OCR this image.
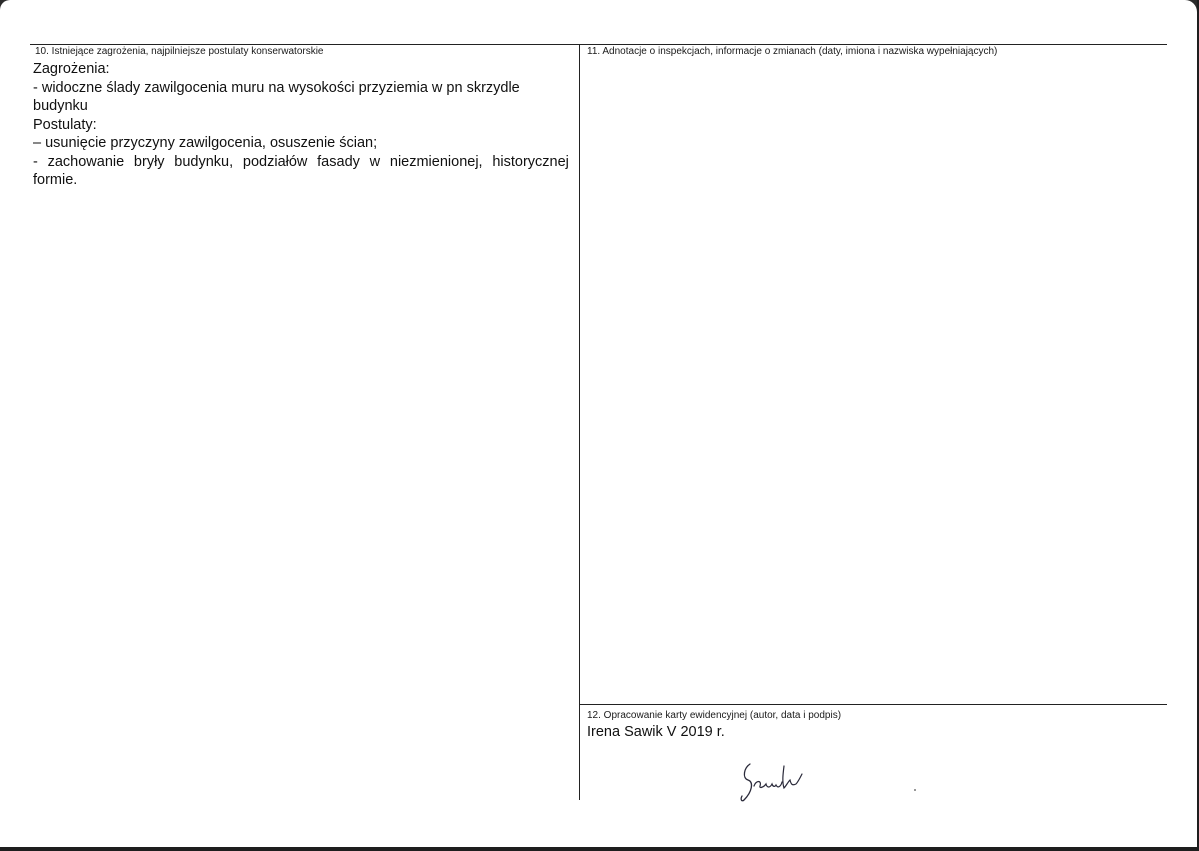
10. Istniejące zagrożenia, najpilniejsze postulaty konserwatorskie
Zagrożenia:
- widoczne ślady zawilgocenia muru na wysokości przyziemia w pn skrzydle
budynku
Postulaty:
– usunięcie przyczyny zawilgocenia, osuszenie ścian;
- zachowanie bryły budynku, podziałów fasady w niezmienionej, historycznej
formie.
11. Adnotacje o inspekcjach, informacje o zmianach (daty, imiona i nazwiska wypełniających)
12. Opracowanie karty ewidencyjnej (autor, data i podpis)
Irena Sawik V 2019 r.
